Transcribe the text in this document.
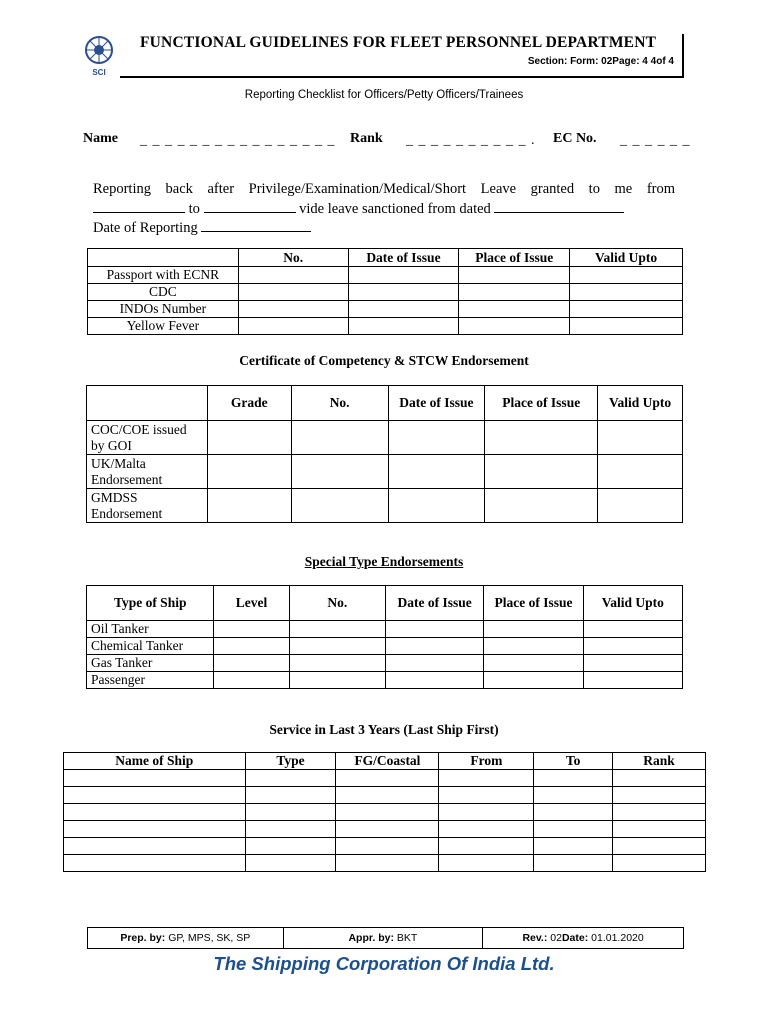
SCI
FUNCTIONAL GUIDELINES FOR FLEET PERSONNEL DEPARTMENT
Section: Form: 02Page: 4 4of 4
Reporting Checklist for Officers/Petty Officers/Trainees
Name _ _ _ _ _ _ _ _ _ _ _ _ _ _ _ _ Rank _ _ _ _ _ _ _ _ _ _ . EC No. _ _ _ _ _ _
Reporting back after Privilege/Examination/Medical/Short Leave granted to me from
to	vide leave sanctioned from dated
Date of Reporting
	No.	Date of Issue	Place of Issue	Valid Upto
Passport with ECNR				
CDC				
INDOs Number				
Yellow Fever				
Certificate of Competency & STCW Endorsement
	Grade	No.	Date of Issue	Place of Issue	Valid Upto
COC/COE issued by GOI					
UK/Malta Endorsement					
GMDSS Endorsement					
Special Type Endorsements
Type of Ship	Level	No.	Date of Issue	Place of Issue	Valid Upto
Oil Tanker					
Chemical Tanker					
Gas Tanker					
Passenger					
Service in Last 3 Years (Last Ship First)
Name of Ship	Type	FG/Coastal	From	To	Rank

Prep. by: GP, MPS, SK, SP	Appr. by: BKT	Rev.: 02Date: 01.01.2020
The Shipping Corporation Of India Ltd.
